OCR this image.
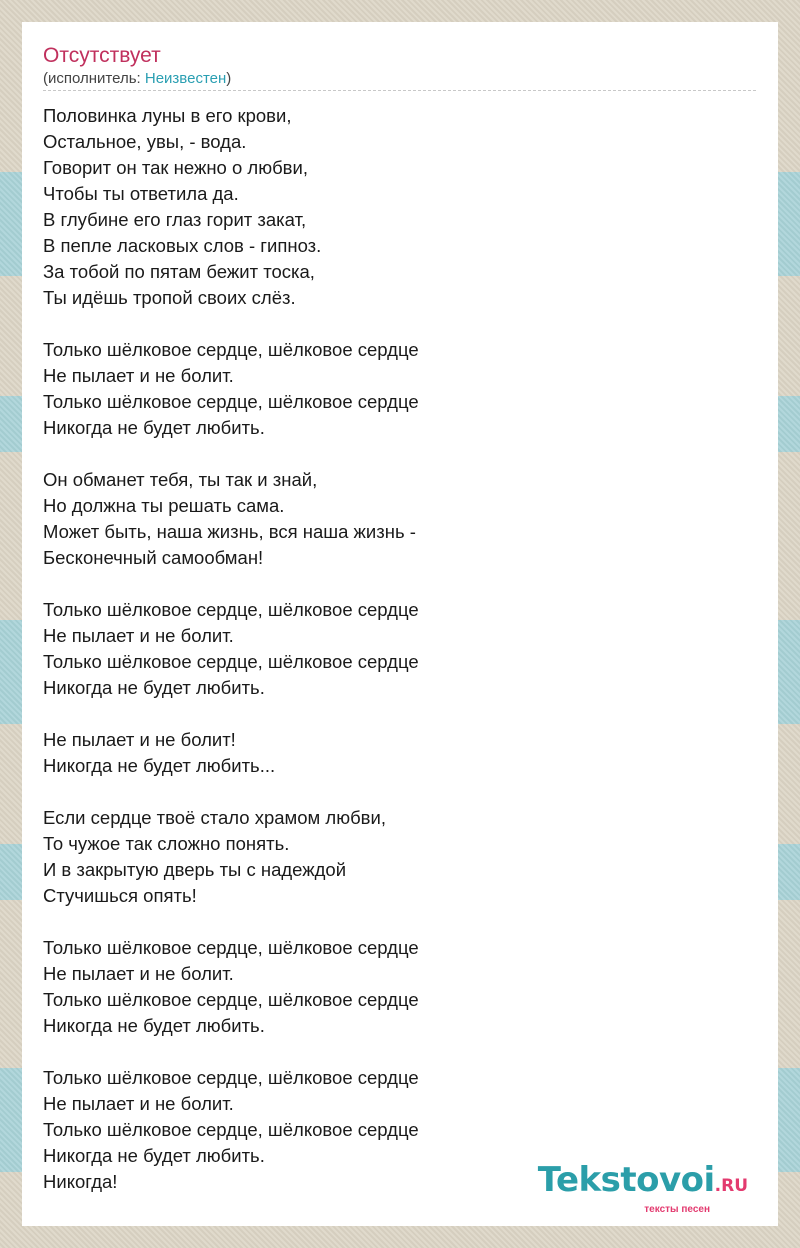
Отсутствует
(исполнитель: Неизвестен)
Половинка луны в его крови,
Остальное, увы, - вода.
Говорит он так нежно о любви,
Чтобы ты ответила да.
В глубине его глаз горит закат,
В пепле ласковых слов - гипноз.
За тобой по пятам бежит тоска,
Ты идёшь тропой своих слёз.
Только шёлковое сердце, шёлковое сердце
Не пылает и не болит.
Только шёлковое сердце, шёлковое сердце
Никогда не будет любить.
Он обманет тебя, ты так и знай,
Но должна ты решать сама.
Может быть, наша жизнь, вся наша жизнь -
Бесконечный самообман!
Только шёлковое сердце, шёлковое сердце
Не пылает и не болит.
Только шёлковое сердце, шёлковое сердце
Никогда не будет любить.
Не пылает и не болит!
Никогда не будет любить...
Если сердце твоё стало храмом любви,
То чужое так сложно понять.
И в закрытую дверь ты с надеждой
Стучишься опять!
Только шёлковое сердце, шёлковое сердце
Не пылает и не болит.
Только шёлковое сердце, шёлковое сердце
Никогда не будет любить.
Только шёлковое сердце, шёлковое сердце
Не пылает и не болит.
Только шёлковое сердце, шёлковое сердце
Никогда не будет любить.
Никогда!	Tekstovoi.RU
тексты песен
